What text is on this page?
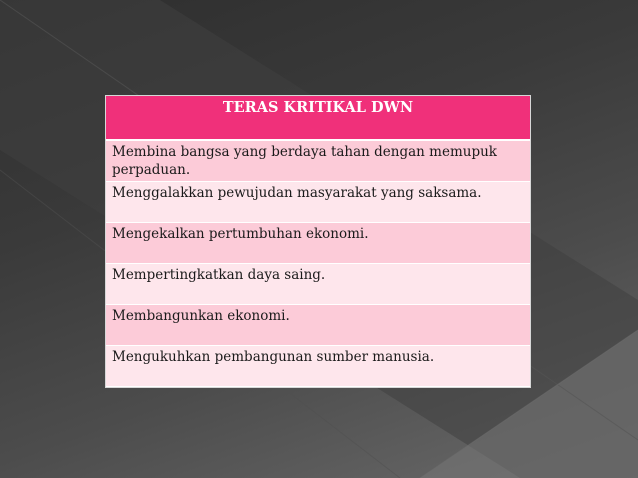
TERAS KRITIKAL DWN
Membina bangsa yang berdaya tahan dengan memupuk perpaduan.
Menggalakkan pewujudan masyarakat yang saksama.
Mengekalkan pertumbuhan ekonomi.
Mempertingkatkan daya saing.
Membangunkan ekonomi.
Mengukuhkan pembangunan sumber manusia.
